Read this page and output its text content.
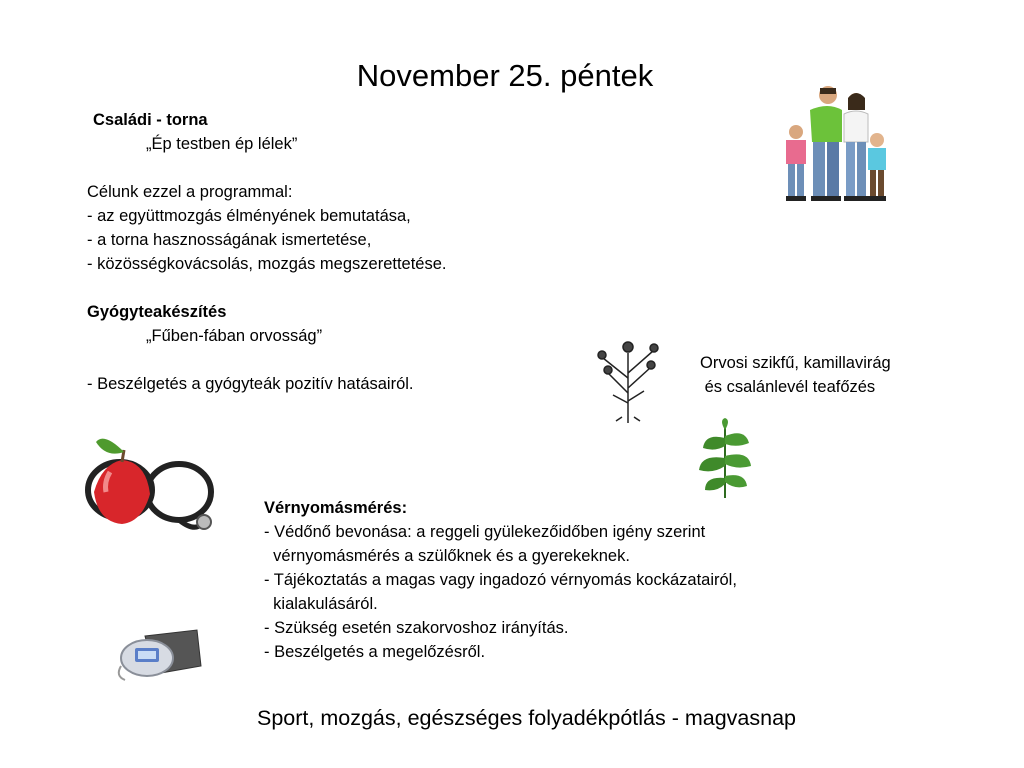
November 25. péntek
Családi - torna
„Ép testben ép lélek”
Célunk ezzel a programmal:
- az együttmozgás élményének bemutatása,
- a torna hasznosságának ismertetése,
- közösségkovácsolás, mozgás megszerettetése.
Gyógyteakészítés
„Fűben-fában orvosság”
- Beszélgetés a gyógyteák pozitív hatásairól.
Orvosi szikfű, kamillavirág
és csalánlevél teafőzés
Vérnyomásmérés:
- Védőnő bevonása: a reggeli gyülekezőidőben igény szerint
vérnyomásmérés a szülőknek és a gyerekeknek.
- Tájékoztatás a magas vagy ingadozó vérnyomás kockázatairól,
kialakulásáról.
- Szükség esetén szakorvoshoz irányítás.
- Beszélgetés a megelőzésről.
Sport, mozgás, egészséges folyadékpótlás - magvasnap
